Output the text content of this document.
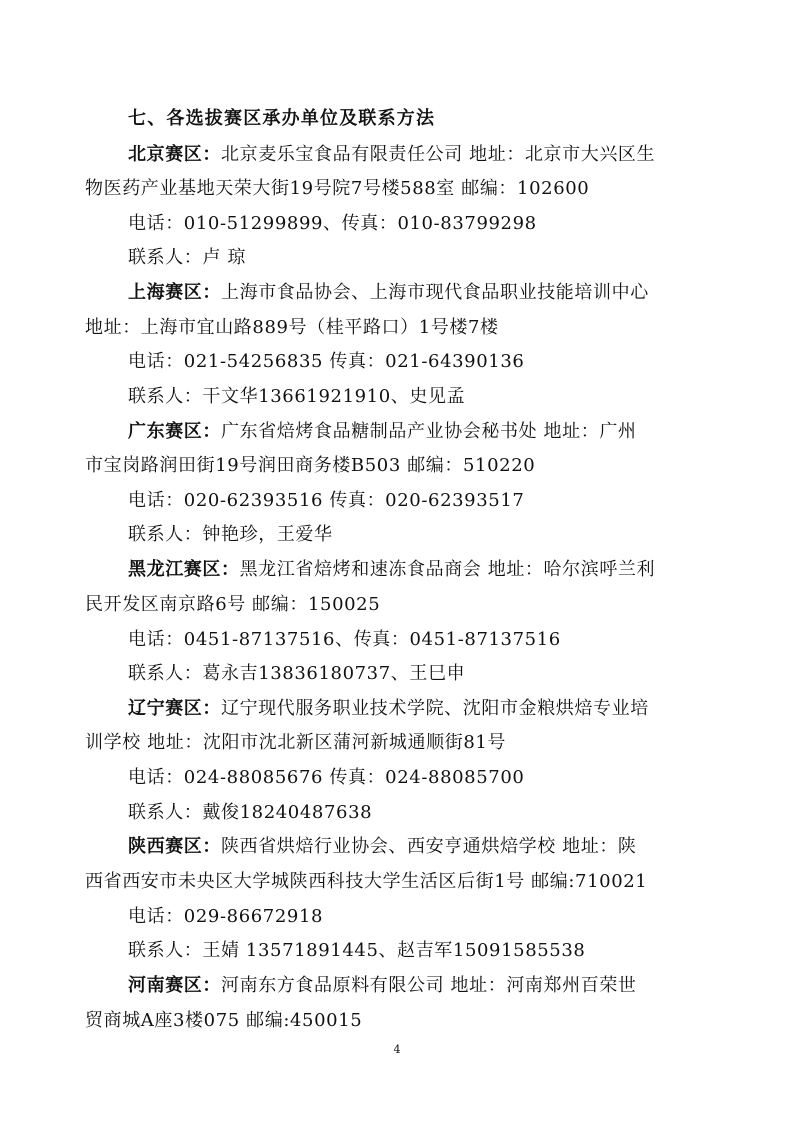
七、各选拔赛区承办单位及联系方法
北京赛区：北京麦乐宝食品有限责任公司 地址：北京市大兴区生
物医药产业基地天荣大街19号院7号楼588室 邮编：102600
电话：010-51299899、传真：010-83799298
联系人：卢 琼
上海赛区：上海市食品协会、上海市现代食品职业技能培训中心
地址：上海市宜山路889号（桂平路口）1号楼7楼
电话：021-54256835 传真：021-64390136
联系人：干文华13661921910、史见孟
广东赛区：广东省焙烤食品糖制品产业协会秘书处 地址：广州
市宝岗路润田街19号润田商务楼B503 邮编：510220
电话：020-62393516 传真：020-62393517
联系人：钟艳珍，王爱华
黑龙江赛区：黑龙江省焙烤和速冻食品商会 地址：哈尔滨呼兰利
民开发区南京路6号 邮编：150025
电话：0451-87137516、传真：0451-87137516
联系人：葛永吉13836180737、王巳申
辽宁赛区：辽宁现代服务职业技术学院、沈阳市金粮烘焙专业培
训学校 地址：沈阳市沈北新区蒲河新城通顺街81号
电话：024-88085676 传真：024-88085700
联系人：戴俊18240487638
陕西赛区：陕西省烘焙行业协会、西安亨通烘焙学校 地址：陕
西省西安市未央区大学城陕西科技大学生活区后街1号 邮编:710021
电话：029-86672918
联系人：王婧 13571891445、赵吉军15091585538
河南赛区：河南东方食品原料有限公司 地址：河南郑州百荣世
贸商城A座3楼075 邮编:450015
4
